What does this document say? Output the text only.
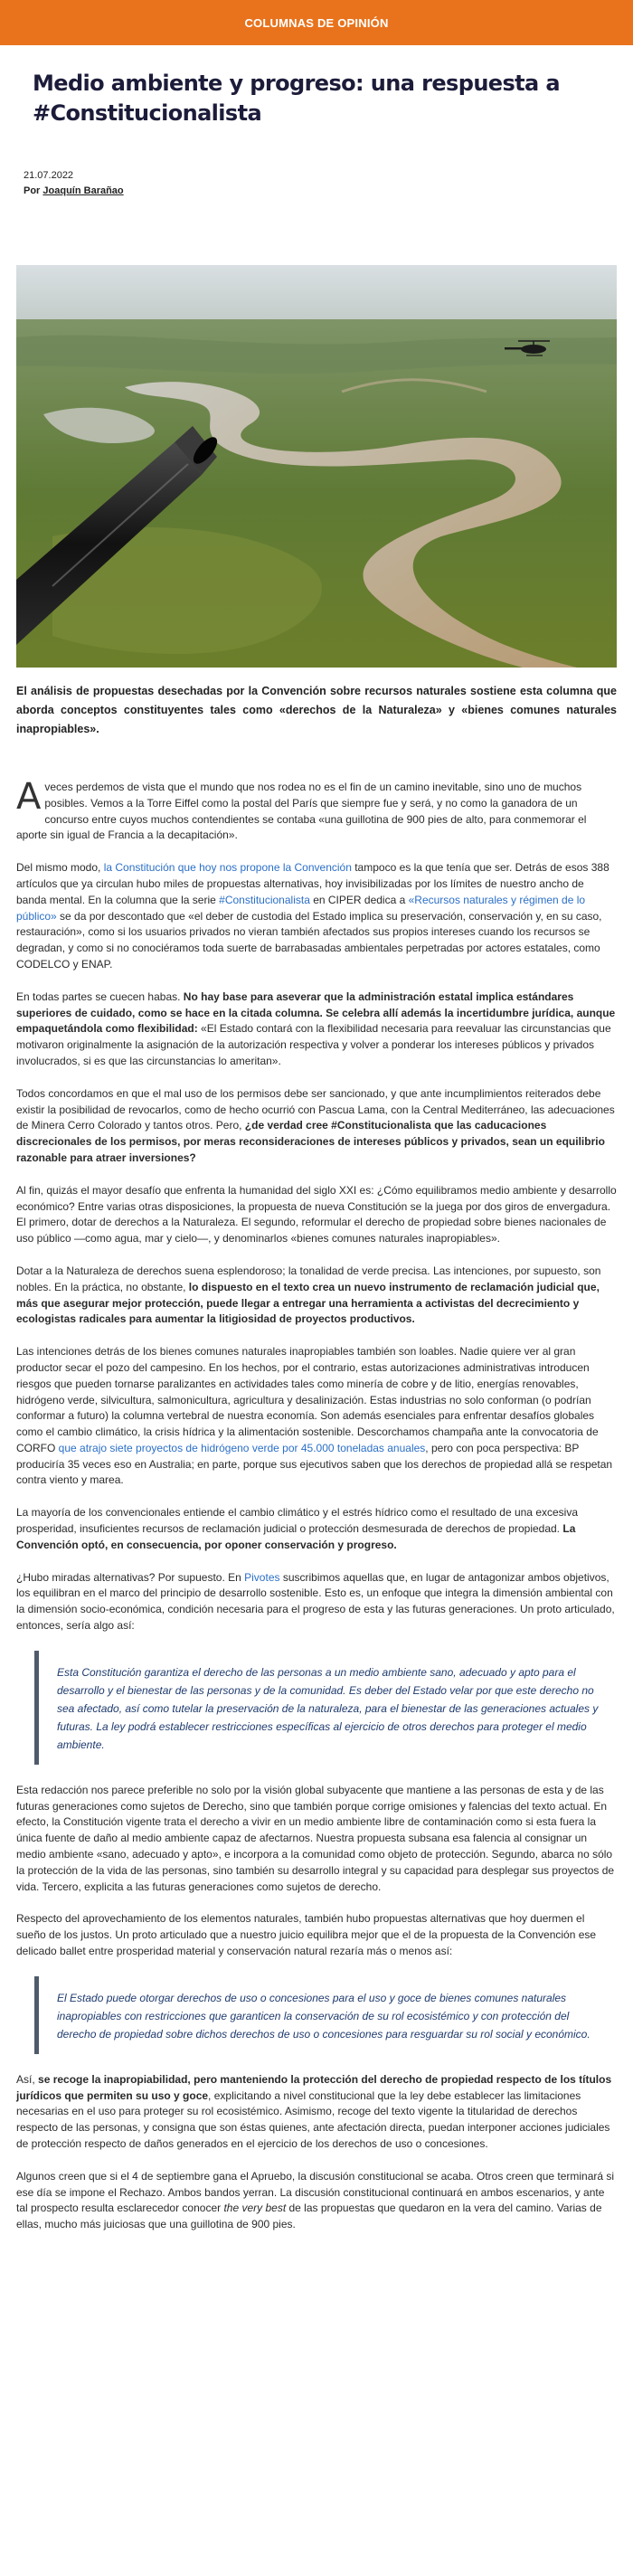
COLUMNAS DE OPINIÓN
Medio ambiente y progreso: una respuesta a #Constitucionalista
21.07.2022
Por Joaquín Barañao

El análisis de propuestas desechadas por la Convención sobre recursos naturales sostiene esta columna que aborda conceptos constituyentes tales como «derechos de la Naturaleza» y «bienes comunes naturales inapropiables».

Aveces perdemos de vista que el mundo que nos rodea no es el fin de un camino inevitable, sino uno de muchos posibles. Vemos a la Torre Eiffel como la postal del París que siempre fue y será, y no como la ganadora de un concurso entre cuyos muchos contendientes se contaba «una guillotina de 900 pies de alto, para conmemorar el aporte sin igual de Francia a la decapitación».

Del mismo modo, la Constitución que hoy nos propone la Convención tampoco es la que tenía que ser. Detrás de esos 388 artículos que ya circulan hubo miles de propuestas alternativas, hoy invisibilizadas por los límites de nuestro ancho de banda mental. En la columna que la serie #Constitucionalista en CIPER dedica a «Recursos naturales y régimen de lo público» se da por descontado que «el deber de custodia del Estado implica su preservación, conservación y, en su caso, restauración», como si los usuarios privados no vieran también afectados sus propios intereses cuando los recursos se degradan, y como si no conociéramos toda suerte de barrabasadas ambientales perpetradas por actores estatales, como CODELCO y ENAP.

En todas partes se cuecen habas. No hay base para aseverar que la administración estatal implica estándares superiores de cuidado, como se hace en la citada columna. Se celebra allí además la incertidumbre jurídica, aunque empaquetándola como flexibilidad: «El Estado contará con la flexibilidad necesaria para reevaluar las circunstancias que motivaron originalmente la asignación de la autorización respectiva y volver a ponderar los intereses públicos y privados involucrados, si es que las circunstancias lo ameritan».

Todos concordamos en que el mal uso de los permisos debe ser sancionado, y que ante incumplimientos reiterados debe existir la posibilidad de revocarlos, como de hecho ocurrió con Pascua Lama, con la Central Mediterráneo, las adecuaciones de Minera Cerro Colorado y tantos otros. Pero, ¿de verdad cree #Constitucionalista que las caducaciones discrecionales de los permisos, por meras reconsideraciones de intereses públicos y privados, sean un equilibrio razonable para atraer inversiones?

Al fin, quizás el mayor desafío que enfrenta la humanidad del siglo XXI es: ¿Cómo equilibramos medio ambiente y desarrollo económico? Entre varias otras disposiciones, la propuesta de nueva Constitución se la juega por dos giros de envergadura. El primero, dotar de derechos a la Naturaleza. El segundo, reformular el derecho de propiedad sobre bienes nacionales de uso público —como agua, mar y cielo—, y denominarlos «bienes comunes naturales inapropiables».

Dotar a la Naturaleza de derechos suena esplendoroso; la tonalidad de verde precisa. Las intenciones, por supuesto, son nobles. En la práctica, no obstante, lo dispuesto en el texto crea un nuevo instrumento de reclamación judicial que, más que asegurar mejor protección, puede llegar a entregar una herramienta a activistas del decrecimiento y ecologistas radicales para aumentar la litigiosidad de proyectos productivos.

Las intenciones detrás de los bienes comunes naturales inapropiables también son loables. Nadie quiere ver al gran productor secar el pozo del campesino. En los hechos, por el contrario, estas autorizaciones administrativas introducen riesgos que pueden tornarse paralizantes en actividades tales como minería de cobre y de litio, energías renovables, hidrógeno verde, silvicultura, salmonicultura, agricultura y desalinización. Estas industrias no solo conforman (o podrían conformar a futuro) la columna vertebral de nuestra economía. Son además esenciales para enfrentar desafíos globales como el cambio climático, la crisis hídrica y la alimentación sostenible. Descorchamos champaña ante la convocatoria de CORFO que atrajo siete proyectos de hidrógeno verde por 45.000 toneladas anuales, pero con poca perspectiva: BP produciría 35 veces eso en Australia; en parte, porque sus ejecutivos saben que los derechos de propiedad allá se respetan contra viento y marea.

La mayoría de los convencionales entiende el cambio climático y el estrés hídrico como el resultado de una excesiva prosperidad, insuficientes recursos de reclamación judicial o protección desmesurada de derechos de propiedad. La Convención optó, en consecuencia, por oponer conservación y progreso.

¿Hubo miradas alternativas? Por supuesto. En Pivotes suscribimos aquellas que, en lugar de antagonizar ambos objetivos, los equilibran en el marco del principio de desarrollo sostenible. Esto es, un enfoque que integra la dimensión ambiental con la dimensión socio-económica, condición necesaria para el progreso de esta y las futuras generaciones. Un proto articulado, entonces, sería algo así:

Esta Constitución garantiza el derecho de las personas a un medio ambiente sano, adecuado y apto para el desarrollo y el bienestar de las personas y de la comunidad. Es deber del Estado velar por que este derecho no sea afectado, así como tutelar la preservación de la naturaleza, para el bienestar de las generaciones actuales y futuras. La ley podrá establecer restricciones específicas al ejercicio de otros derechos para proteger el medio ambiente.

Esta redacción nos parece preferible no solo por la visión global subyacente que mantiene a las personas de esta y de las futuras generaciones como sujetos de Derecho, sino que también porque corrige omisiones y falencias del texto actual. En efecto, la Constitución vigente trata el derecho a vivir en un medio ambiente libre de contaminación como si esta fuera la única fuente de daño al medio ambiente capaz de afectarnos. Nuestra propuesta subsana esa falencia al consignar un medio ambiente «sano, adecuado y apto», e incorpora a la comunidad como objeto de protección. Segundo, abarca no sólo la protección de la vida de las personas, sino también su desarrollo integral y su capacidad para desplegar sus proyectos de vida. Tercero, explicita a las futuras generaciones como sujetos de derecho.

Respecto del aprovechamiento de los elementos naturales, también hubo propuestas alternativas que hoy duermen el sueño de los justos. Un proto articulado que a nuestro juicio equilibra mejor que el de la propuesta de la Convención ese delicado ballet entre prosperidad material y conservación natural rezaría más o menos así:

El Estado puede otorgar derechos de uso o concesiones para el uso y goce de bienes comunes naturales inapropiables con restricciones que garanticen la conservación de su rol ecosistémico y con protección del derecho de propiedad sobre dichos derechos de uso o concesiones para resguardar su rol social y económico.

Así, se recoge la inapropiabilidad, pero manteniendo la protección del derecho de propiedad respecto de los títulos jurídicos que permiten su uso y goce, explicitando a nivel constitucional que la ley debe establecer las limitaciones necesarias en el uso para proteger su rol ecosistémico. Asimismo, recoge del texto vigente la titularidad de derechos respecto de las personas, y consigna que son éstas quienes, ante afectación directa, puedan interponer acciones judiciales de protección respecto de daños generados en el ejercicio de los derechos de uso o concesiones.

Algunos creen que si el 4 de septiembre gana el Apruebo, la discusión constitucional se acaba. Otros creen que terminará si ese día se impone el Rechazo. Ambos bandos yerran. La discusión constitucional continuará en ambos escenarios, y ante tal prospecto resulta esclarecedor conocer the very best de las propuestas que quedaron en la vera del camino. Varias de ellas, mucho más juiciosas que una guillotina de 900 pies.
